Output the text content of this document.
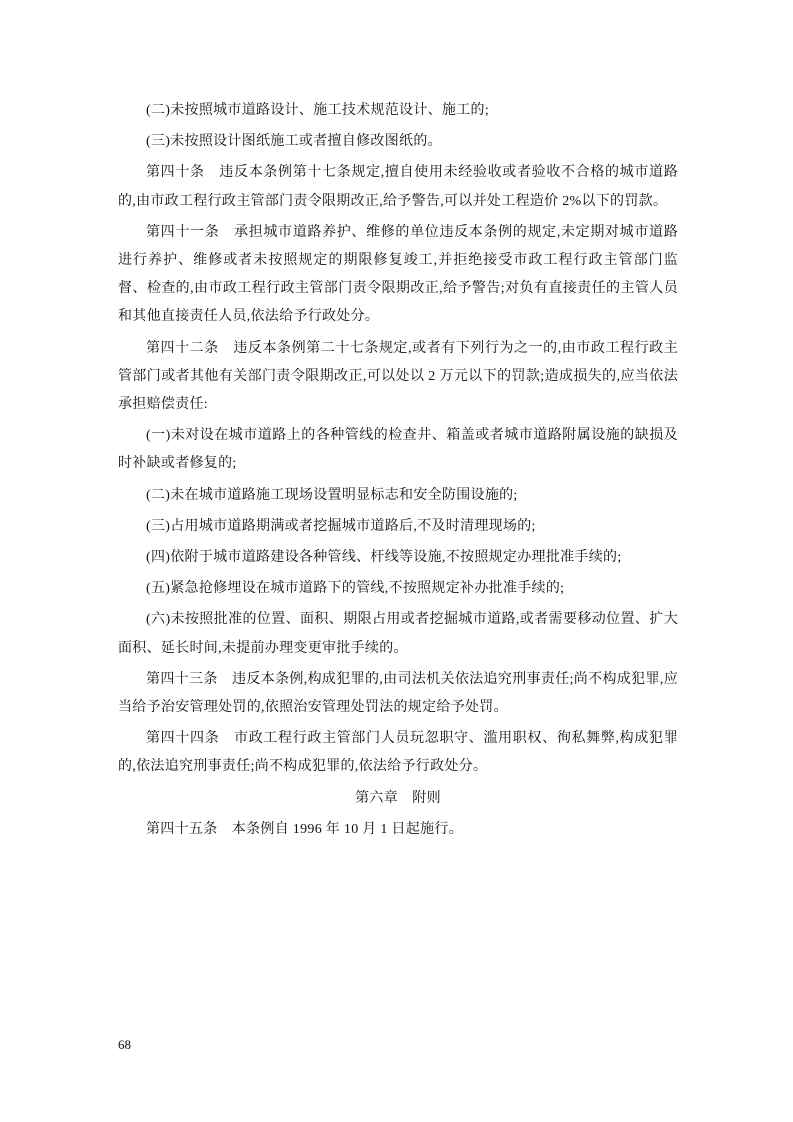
(二)未按照城市道路设计、施工技术规范设计、施工的;

(三)未按照设计图纸施工或者擅自修改图纸的。

第四十条　违反本条例第十七条规定,擅自使用未经验收或者验收不合格的城市道路的,由市政工程行政主管部门责令限期改正,给予警告,可以并处工程造价 2%以下的罚款。

第四十一条　承担城市道路养护、维修的单位违反本条例的规定,未定期对城市道路进行养护、维修或者未按照规定的期限修复竣工,并拒绝接受市政工程行政主管部门监督、检查的,由市政工程行政主管部门责令限期改正,给予警告;对负有直接责任的主管人员和其他直接责任人员,依法给予行政处分。

第四十二条　违反本条例第二十七条规定,或者有下列行为之一的,由市政工程行政主管部门或者其他有关部门责令限期改正,可以处以 2 万元以下的罚款;造成损失的,应当依法承担赔偿责任:

(一)未对设在城市道路上的各种管线的检查井、箱盖或者城市道路附属设施的缺损及时补缺或者修复的;

(二)未在城市道路施工现场设置明显标志和安全防围设施的;

(三)占用城市道路期满或者挖掘城市道路后,不及时清理现场的;

(四)依附于城市道路建设各种管线、杆线等设施,不按照规定办理批准手续的;

(五)紧急抢修埋设在城市道路下的管线,不按照规定补办批准手续的;

(六)未按照批准的位置、面积、期限占用或者挖掘城市道路,或者需要移动位置、扩大面积、延长时间,未提前办理变更审批手续的。

第四十三条　违反本条例,构成犯罪的,由司法机关依法追究刑事责任;尚不构成犯罪,应当给予治安管理处罚的,依照治安管理处罚法的规定给予处罚。

第四十四条　市政工程行政主管部门人员玩忽职守、滥用职权、徇私舞弊,构成犯罪的,依法追究刑事责任;尚不构成犯罪的,依法给予行政处分。

第六章　附则

第四十五条　本条例自 1996 年 10 月 1 日起施行。

68
